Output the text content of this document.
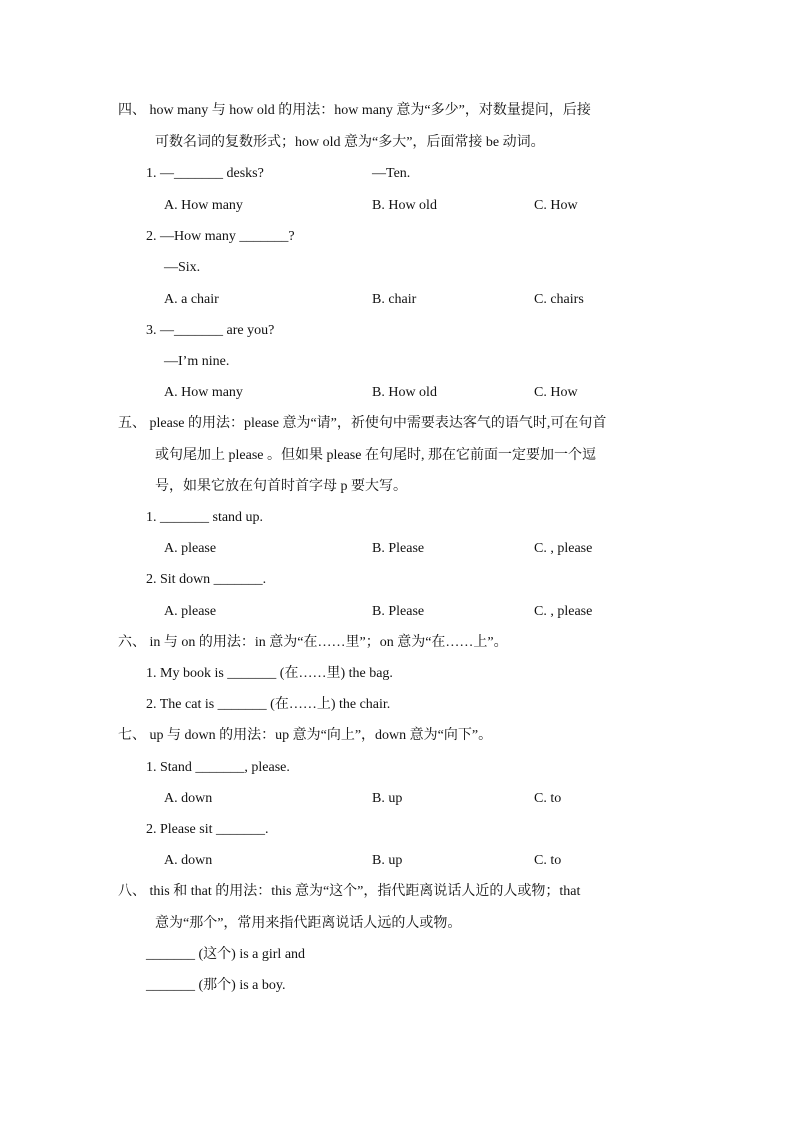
四、 how many 与 how old 的用法：how many 意为“多少”，对数量提问，后接
可数名词的复数形式；how old 意为“多大”，后面常接 be 动词。
1. —_______ desks?	—Ten.
A. How many	B. How old	C. How
2. —How many _______?
—Six.
A. a chair	B. chair	C. chairs
3. —_______ are you?
—I’m nine.
A. How many	B. How old	C. How
五、 please 的用法：please 意为“请”，祈使句中需要表达客气的语气时,可在句首
或句尾加上 please 。但如果 please 在句尾时, 那在它前面一定要加一个逗
号，如果它放在句首时首字母 p 要大写。
1. _______ stand up.
A. please	B. Please	C. , please
2. Sit down _______.
A. please	B. Please	C. , please
六、 in 与 on 的用法：in 意为“在……里”；on 意为“在……上”。
1. My book is _______ (在……里) the bag.
2. The cat is _______ (在……上) the chair.
七、 up 与 down 的用法：up 意为“向上”，down 意为“向下”。
1. Stand _______, please.
A. down	B. up	C. to
2. Please sit _______.
A. down	B. up	C. to
八、 this 和 that 的用法：this 意为“这个”，指代距离说话人近的人或物；that
意为“那个”，常用来指代距离说话人远的人或物。
_______ (这个) is a girl and
_______ (那个) is a boy.
